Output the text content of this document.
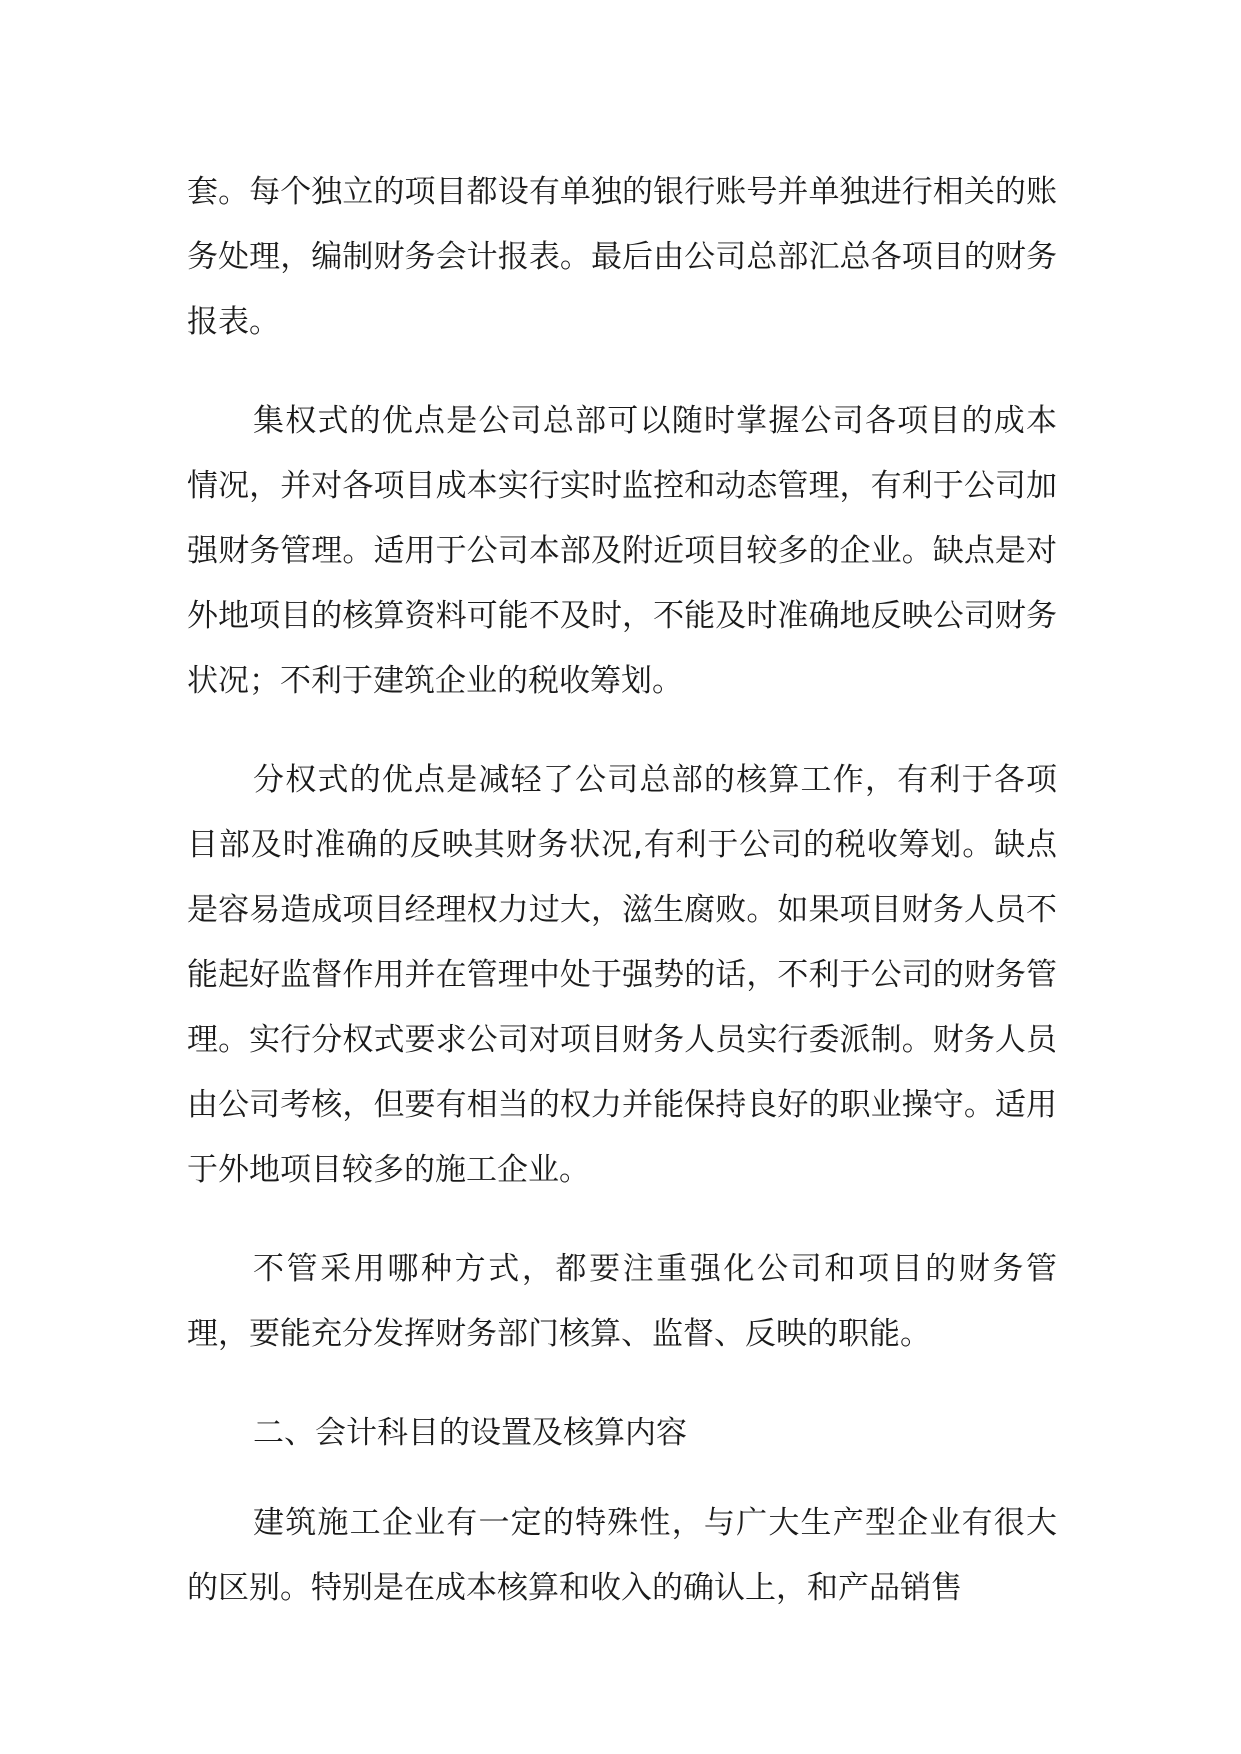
套。每个独立的项目都设有单独的银行账号并单独进行相关的账务处理，编制财务会计报表。最后由公司总部汇总各项目的财务报表。

集权式的优点是公司总部可以随时掌握公司各项目的成本情况，并对各项目成本实行实时监控和动态管理，有利于公司加强财务管理。适用于公司本部及附近项目较多的企业。缺点是对外地项目的核算资料可能不及时，不能及时准确地反映公司财务状况；不利于建筑企业的税收筹划。

分权式的优点是减轻了公司总部的核算工作，有利于各项目部及时准确的反映其财务状况,有利于公司的税收筹划。缺点是容易造成项目经理权力过大，滋生腐败。如果项目财务人员不能起好监督作用并在管理中处于强势的话，不利于公司的财务管理。实行分权式要求公司对项目财务人员实行委派制。财务人员由公司考核，但要有相当的权力并能保持良好的职业操守。适用于外地项目较多的施工企业。

不管采用哪种方式，都要注重强化公司和项目的财务管理，要能充分发挥财务部门核算、监督、反映的职能。

二、会计科目的设置及核算内容

建筑施工企业有一定的特殊性，与广大生产型企业有很大的区别。特别是在成本核算和收入的确认上，和产品销售
